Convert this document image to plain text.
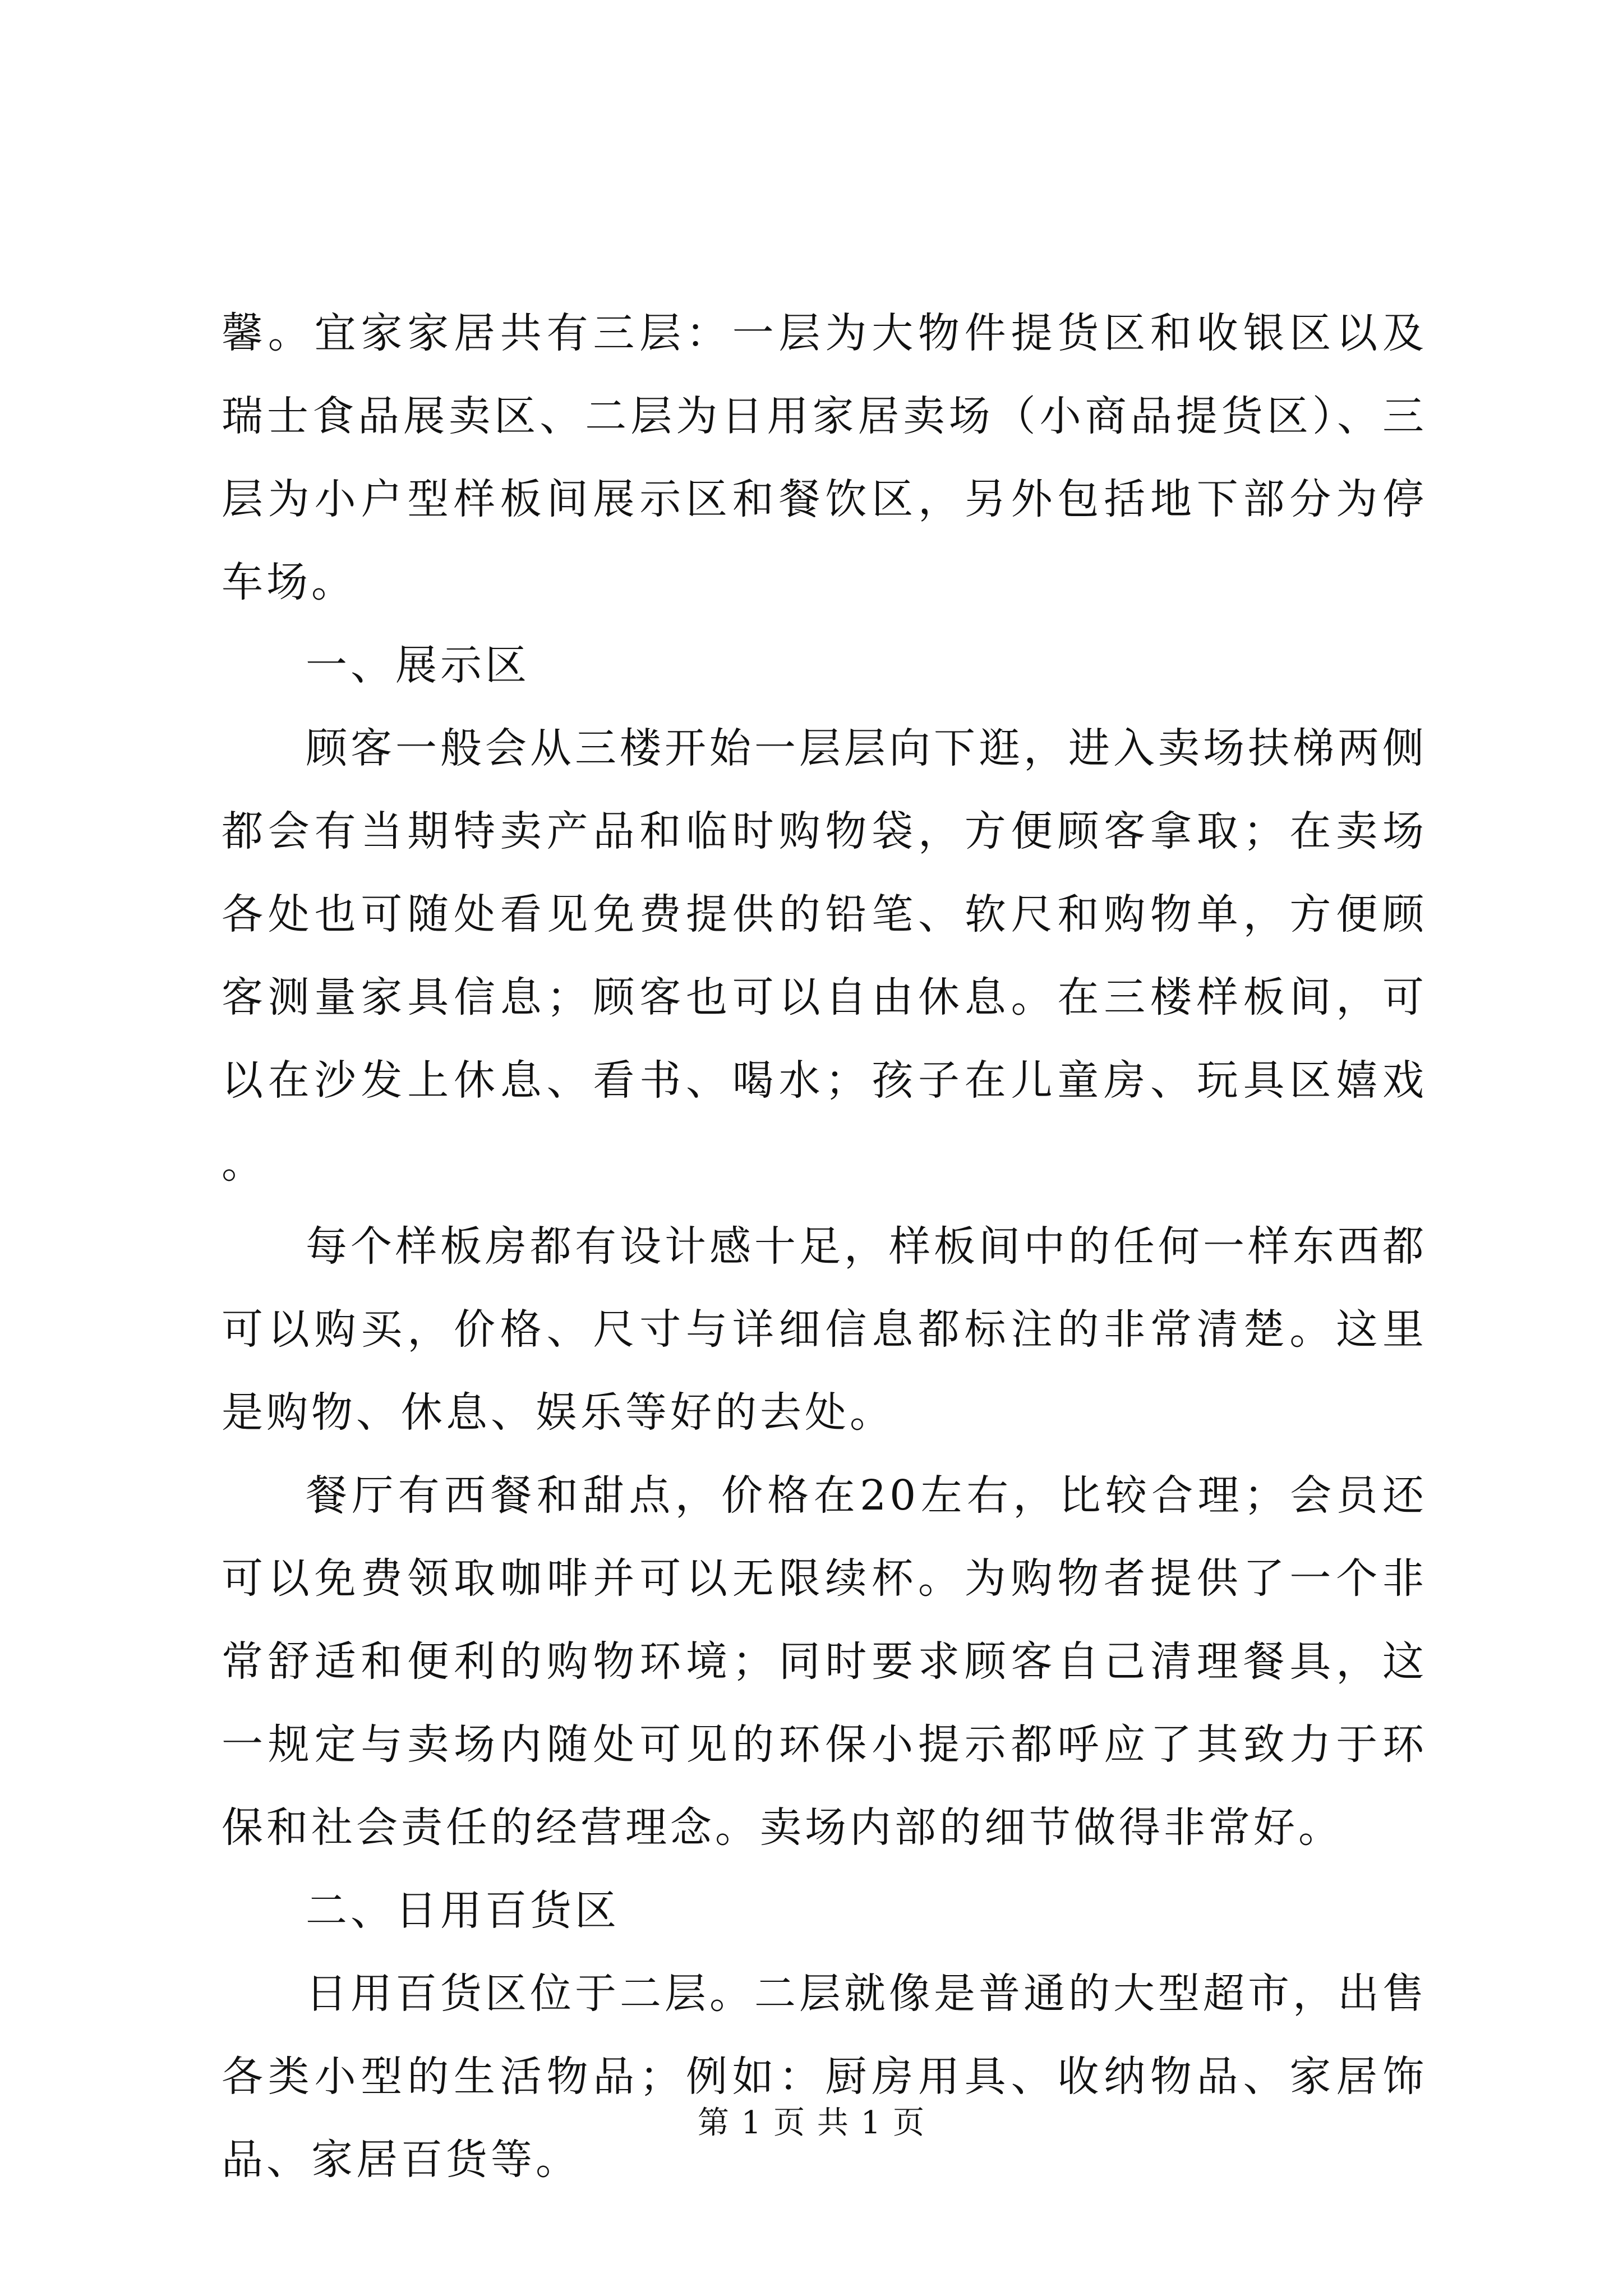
馨。宜家家居共有三层：一层为大物件提货区和收银区以及瑞士食品展卖区、二层为日用家居卖场（小商品提货区）、三层为小户型样板间展示区和餐饮区，另外包括地下部分为停车场。

一、展示区

顾客一般会从三楼开始一层层向下逛，进入卖场扶梯两侧都会有当期特卖产品和临时购物袋，方便顾客拿取；在卖场各处也可随处看见免费提供的铅笔、软尺和购物单，方便顾客测量家具信息；顾客也可以自由休息。在三楼样板间，可以在沙发上休息、看书、喝水；孩子在儿童房、玩具区嬉戏。

每个样板房都有设计感十足，样板间中的任何一样东西都可以购买，价格、尺寸与详细信息都标注的非常清楚。这里是购物、休息、娱乐等好的去处。

餐厅有西餐和甜点，价格在20左右，比较合理；会员还可以免费领取咖啡并可以无限续杯。为购物者提供了一个非常舒适和便利的购物环境；同时要求顾客自己清理餐具，这一规定与卖场内随处可见的环保小提示都呼应了其致力于环保和社会责任的经营理念。卖场内部的细节做得非常好。

二、日用百货区

日用百货区位于二层。二层就像是普通的大型超市，出售各类小型的生活物品；例如：厨房用具、收纳物品、家居饰品、家居百货等。

第 1 页 共 1 页
